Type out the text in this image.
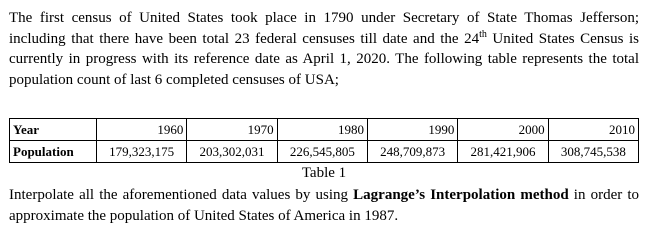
The first census of United States took place in 1790 under Secretary of State Thomas Jefferson; including that there have been total 23 federal censuses till date and the 24th United States Census is currently in progress with its reference date as April 1, 2020. The following table represents the total population count of last 6 completed censuses of USA;

Year	1960	1970	1980	1990	2000	2010
Population	179,323,175	203,302,031	226,545,805	248,709,873	281,421,906	308,745,538
Table 1

Interpolate all the aforementioned data values by using Lagrange’s Interpolation method in order to approximate the population of United States of America in 1987.
